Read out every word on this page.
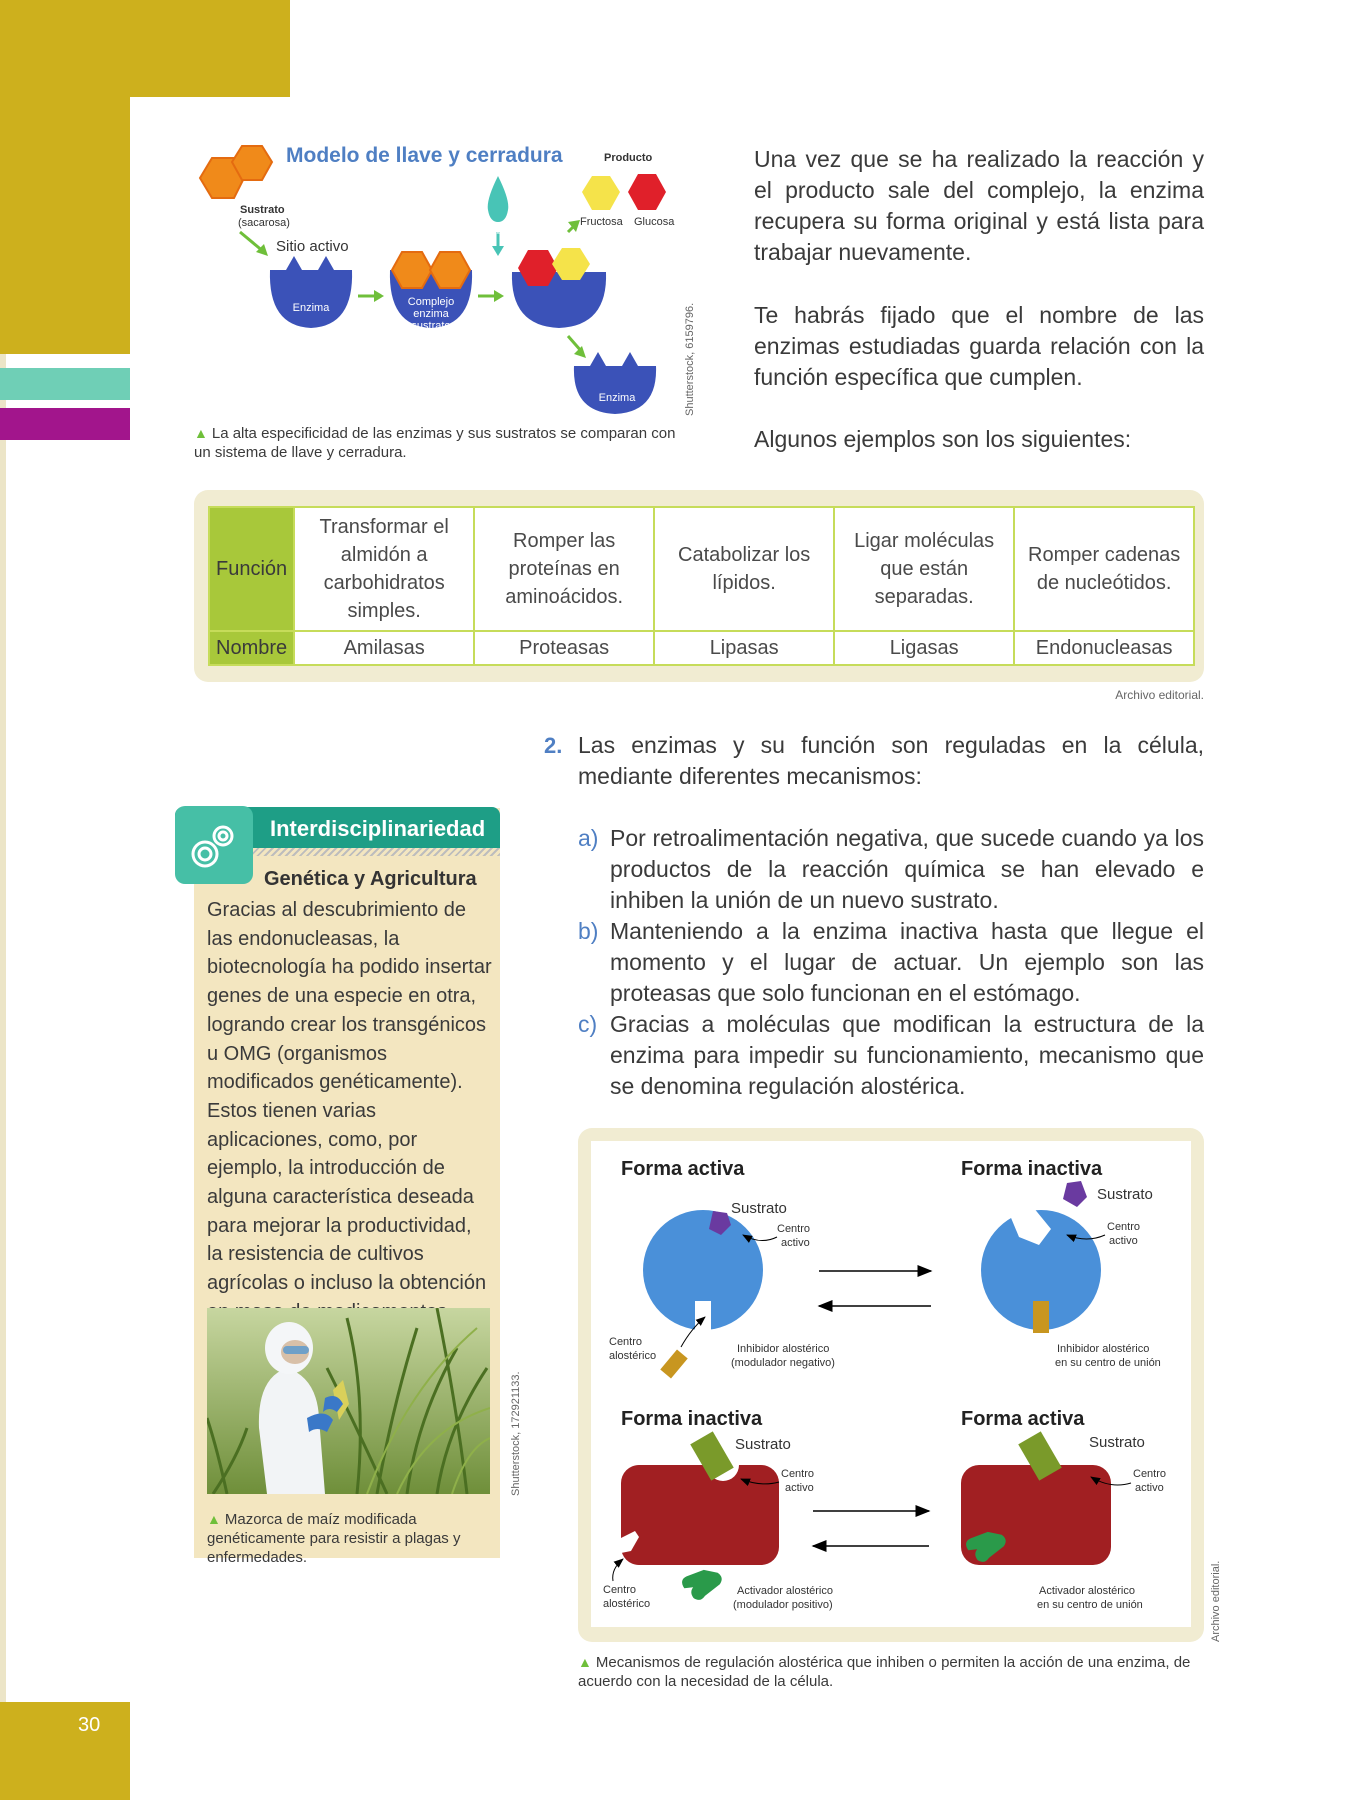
Modelo de llave y cerradura	Producto
Sustrato
(sacarosa)
Sitio activo
H₂O
Fructosa Glucosa
Enzima	Complejo enzima sustrato
Enzima	Shutterstock, 6159796.
▲ La alta especificidad de las enzimas y sus sustratos se comparan con un sistema de llave y cerradura.
Una vez que se ha realizado la reacción y el producto sale del complejo, la enzima recupera su forma original y está lista para trabajar nuevamente.
Te habrás fijado que el nombre de las enzimas estudiadas guarda relación con la función específica que cumplen.
Algunos ejemplos son los siguientes:
Función	Transformar el almidón a carbohidratos simples.	Romper las proteínas en aminoácidos.	Catabolizar los lípidos.	Ligar moléculas que están separadas.	Romper cadenas de nucleótidos.
Nombre	Amilasas	Proteasas	Lipasas	Ligasas	Endonucleasas
Archivo editorial.
2. Las enzimas y su función son reguladas en la célula, mediante diferentes mecanismos:
a) Por retroalimentación negativa, que sucede cuando ya los productos de la reacción química se han elevado e inhiben la unión de un nuevo sustrato.
b) Manteniendo a la enzima inactiva hasta que llegue el momento y el lugar de actuar. Un ejemplo son las proteasas que solo funcionan en el estómago.
c) Gracias a moléculas que modifican la estructura de la enzima para impedir su funcionamiento, mecanismo que se denomina regulación alostérica.
Interdisciplinariedad
Genética y Agricultura
Gracias al descubrimiento de las endonucleasas, la biotecnología ha podido insertar genes de una especie en otra, logrando crear los transgénicos u OMG (organismos modificados genéticamente). Estos tienen varias aplicaciones, como, por ejemplo, la introducción de alguna característica deseada para mejorar la productividad, la resistencia de cultivos agrícolas o incluso la obtención
Shutterstock, 172921133.
▲ Mazorca de maíz modificada genéticamente para resistir a plagas y enfermedades.
Forma activa
Sustrato
Centro
activo
Centro
alostérico
Inhibidor alostérico
(modulador negativo)
Forma inactiva
Sustrato
Centro
activo
Inhibidor alostérico
en su centro de unión
Forma inactiva
Sustrato
Centro
activo
Centro
alostérico
Activador alostérico
(modulador positivo)
Forma activa
Sustrato
Centro
activo
Activador alostérico
en su centro de unión	Archivo editorial.
▲ Mecanismos de regulación alostérica que inhiben o permiten la acción de una enzima, de acuerdo con la necesidad de la célula.
30
